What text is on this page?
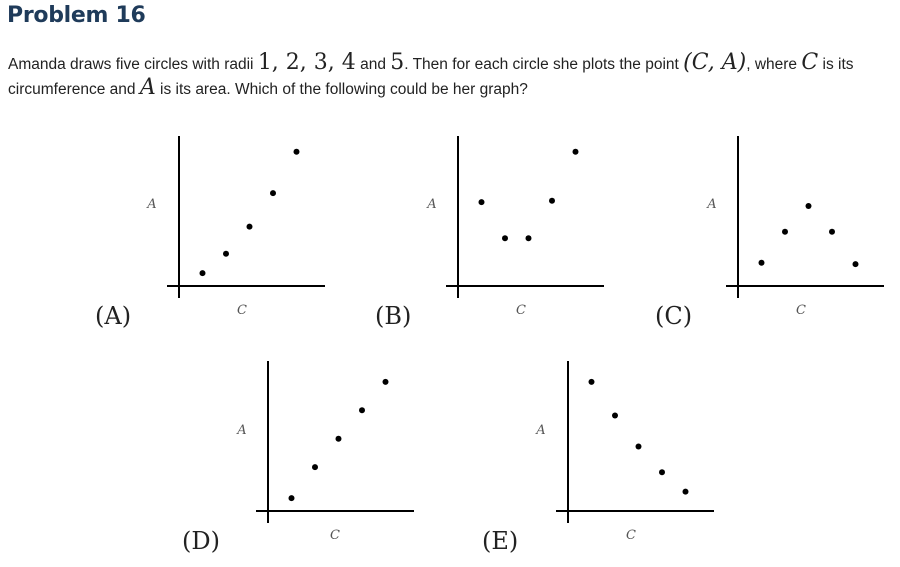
Problem 16
Amanda draws five circles with radii 1, 2, 3, 4 and 5. Then for each circle she plots the point (C, A), where C is its circumference and A is its area. Which of the following could be her graph?
(A)	C
A
(B)	C
A
(C)	C
A
(D)	C
A
(E)	C
A
